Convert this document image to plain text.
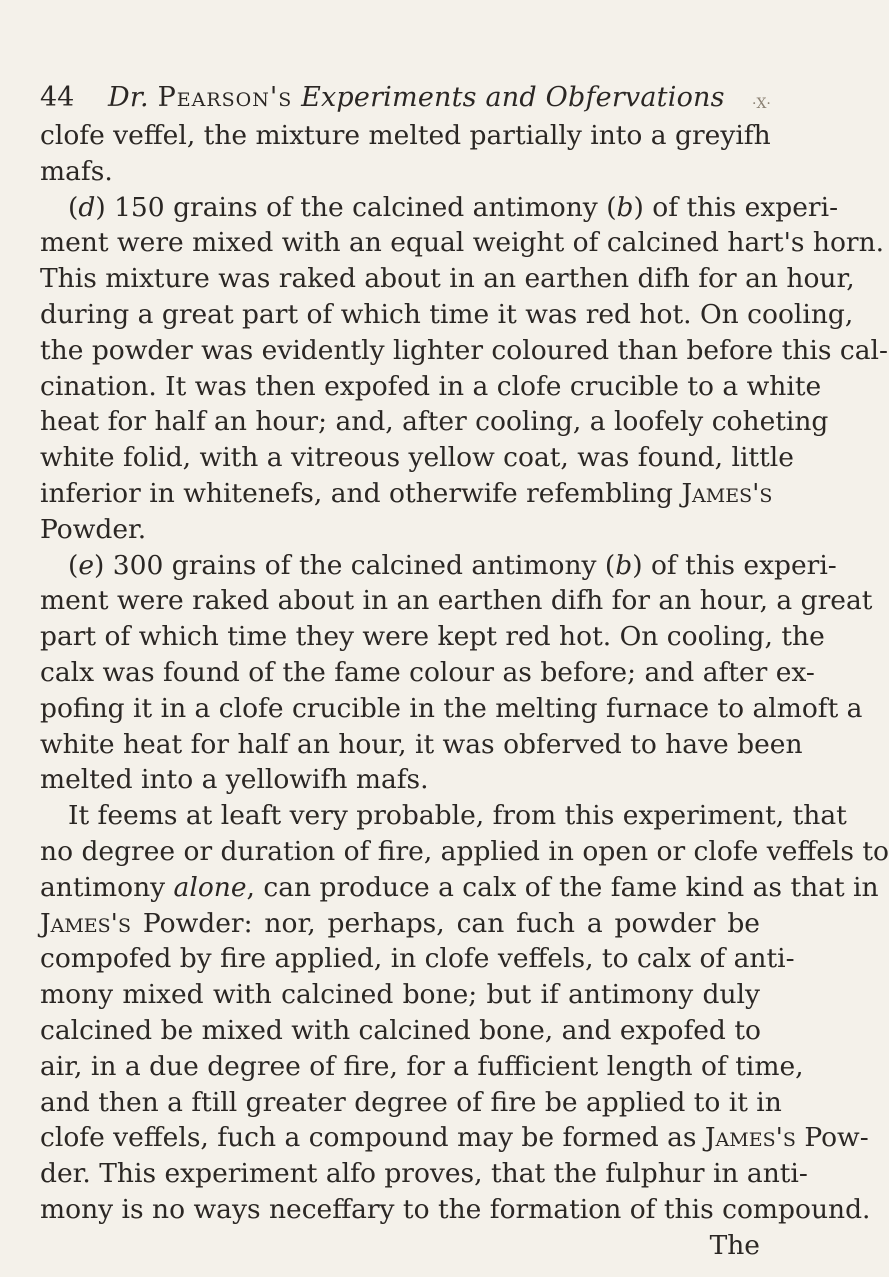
44 Dr. Pearson's Experiments and Obfervations ·X·
clofe veffel, the mixture melted partially into a greyifh
mafs.
(d) 150 grains of the calcined antimony (b) of this experi-
ment were mixed with an equal weight of calcined hart's horn.
This mixture was raked about in an earthen difh for an hour,
during a great part of which time it was red hot. On cooling,
the powder was evidently lighter coloured than before this cal-
cination. It was then expofed in a clofe crucible to a white
heat for half an hour; and, after cooling, a loofely coheting
white folid, with a vitreous yellow coat, was found, little
inferior in whitenefs, and otherwife refembling James's
Powder.
(e) 300 grains of the calcined antimony (b) of this experi-
ment were raked about in an earthen difh for an hour, a great
part of which time they were kept red hot. On cooling, the
calx was found of the fame colour as before; and after ex-
pofing it in a clofe crucible in the melting furnace to almoft a
white heat for half an hour, it was obferved to have been
melted into a yellowifh mafs.
It feems at leaft very probable, from this experiment, that
no degree or duration of fire, applied in open or clofe veffels to
antimony alone, can produce a calx of the fame kind as that in
James's Powder: nor, perhaps, can fuch a powder be
compofed by fire applied, in clofe veffels, to calx of anti-
mony mixed with calcined bone; but if antimony duly
calcined be mixed with calcined bone, and expofed to
air, in a due degree of fire, for a fufficient length of time,
and then a ftill greater degree of fire be applied to it in
clofe veffels, fuch a compound may be formed as James's Pow-
der. This experiment alfo proves, that the fulphur in anti-
mony is no ways neceffary to the formation of this compound.
The
